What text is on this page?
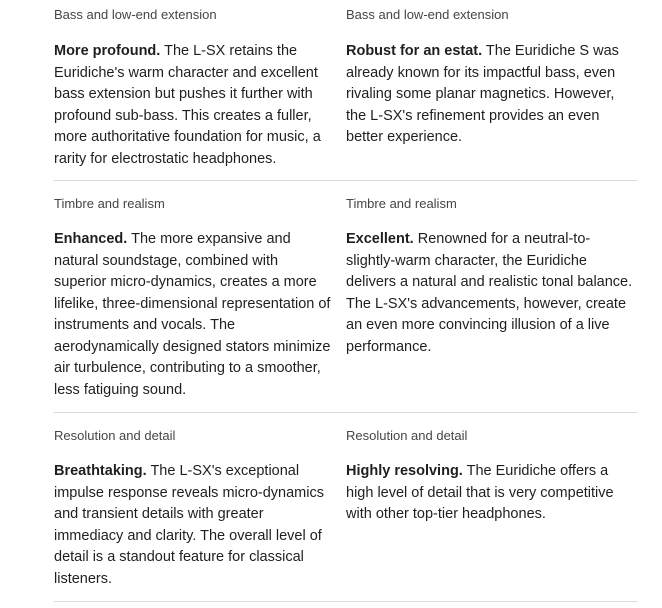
Bass and low-end extension

More profound. The L-SX retains the Euridiche's warm character and excellent bass extension but pushes it further with profound sub-bass. This creates a fuller, more authoritative foundation for music, a rarity for electrostatic headphones.

Bass and low-end extension

Robust for an estat. The Euridiche S was already known for its impactful bass, even rivaling some planar magnetics. However, the L-SX's refinement provides an even better experience.

Timbre and realism

Enhanced. The more expansive and natural soundstage, combined with superior micro-dynamics, creates a more lifelike, three-dimensional representation of instruments and vocals. The aerodynamically designed stators minimize air turbulence, contributing to a smoother, less fatiguing sound.

Timbre and realism

Excellent. Renowned for a neutral-to-slightly-warm character, the Euridiche delivers a natural and realistic tonal balance. The L-SX's advancements, however, create an even more convincing illusion of a live performance.

Resolution and detail

Breathtaking. The L-SX's exceptional impulse response reveals micro-dynamics and transient details with greater immediacy and clarity. The overall level of detail is a standout feature for classical listeners.

Resolution and detail

Highly resolving. The Euridiche offers a high level of detail that is very competitive with other top-tier headphones.
